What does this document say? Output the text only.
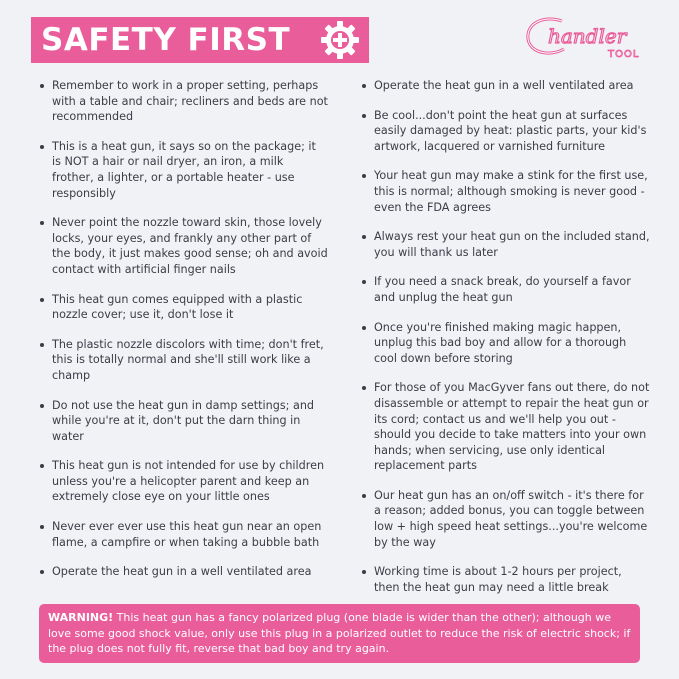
SAFETY FIRST	handler
TOOL
Remember to work in a proper setting, perhaps with a table and chair; recliners and beds are not recommended
This is a heat gun, it says so on the package; it is NOT a hair or nail dryer, an iron, a milk frother, a lighter, or a portable heater - use responsibly
Never point the nozzle toward skin, those lovely locks, your eyes, and frankly any other part of the body, it just makes good sense; oh and avoid contact with artificial finger nails
This heat gun comes equipped with a plastic nozzle cover; use it, don't lose it
The plastic nozzle discolors with time; don't fret, this is totally normal and she'll still work like a champ
Do not use the heat gun in damp settings; and while you're at it, don't put the darn thing in water
This heat gun is not intended for use by children unless you're a helicopter parent and keep an extremely close eye on your little ones
Never ever ever use this heat gun near an open flame, a campfire or when taking a bubble bath
Operate the heat gun in a well ventilated area
Operate the heat gun in a well ventilated area
Be cool...don't point the heat gun at surfaces easily damaged by heat: plastic parts, your kid's artwork, lacquered or varnished furniture
Your heat gun may make a stink for the first use, this is normal; although smoking is never good - even the FDA agrees
Always rest your heat gun on the included stand, you will thank us later
If you need a snack break, do yourself a favor and unplug the heat gun
Once you're finished making magic happen, unplug this bad boy and allow for a thorough cool down before storing
For those of you MacGyver fans out there, do not disassemble or attempt to repair the heat gun or its cord; contact us and we'll help you out - should you decide to take matters into your own hands; when servicing, use only identical replacement parts
Our heat gun has an on/off switch - it's there for a reason; added bonus, you can toggle between low + high speed heat settings...you're welcome by the way
Working time is about 1-2 hours per project, then the heat gun may need a little break
WARNING! This heat gun has a fancy polarized plug (one blade is wider than the other); although we love some good shock value, only use this plug in a polarized outlet to reduce the risk of electric shock; if the plug does not fully fit, reverse that bad boy and try again.
